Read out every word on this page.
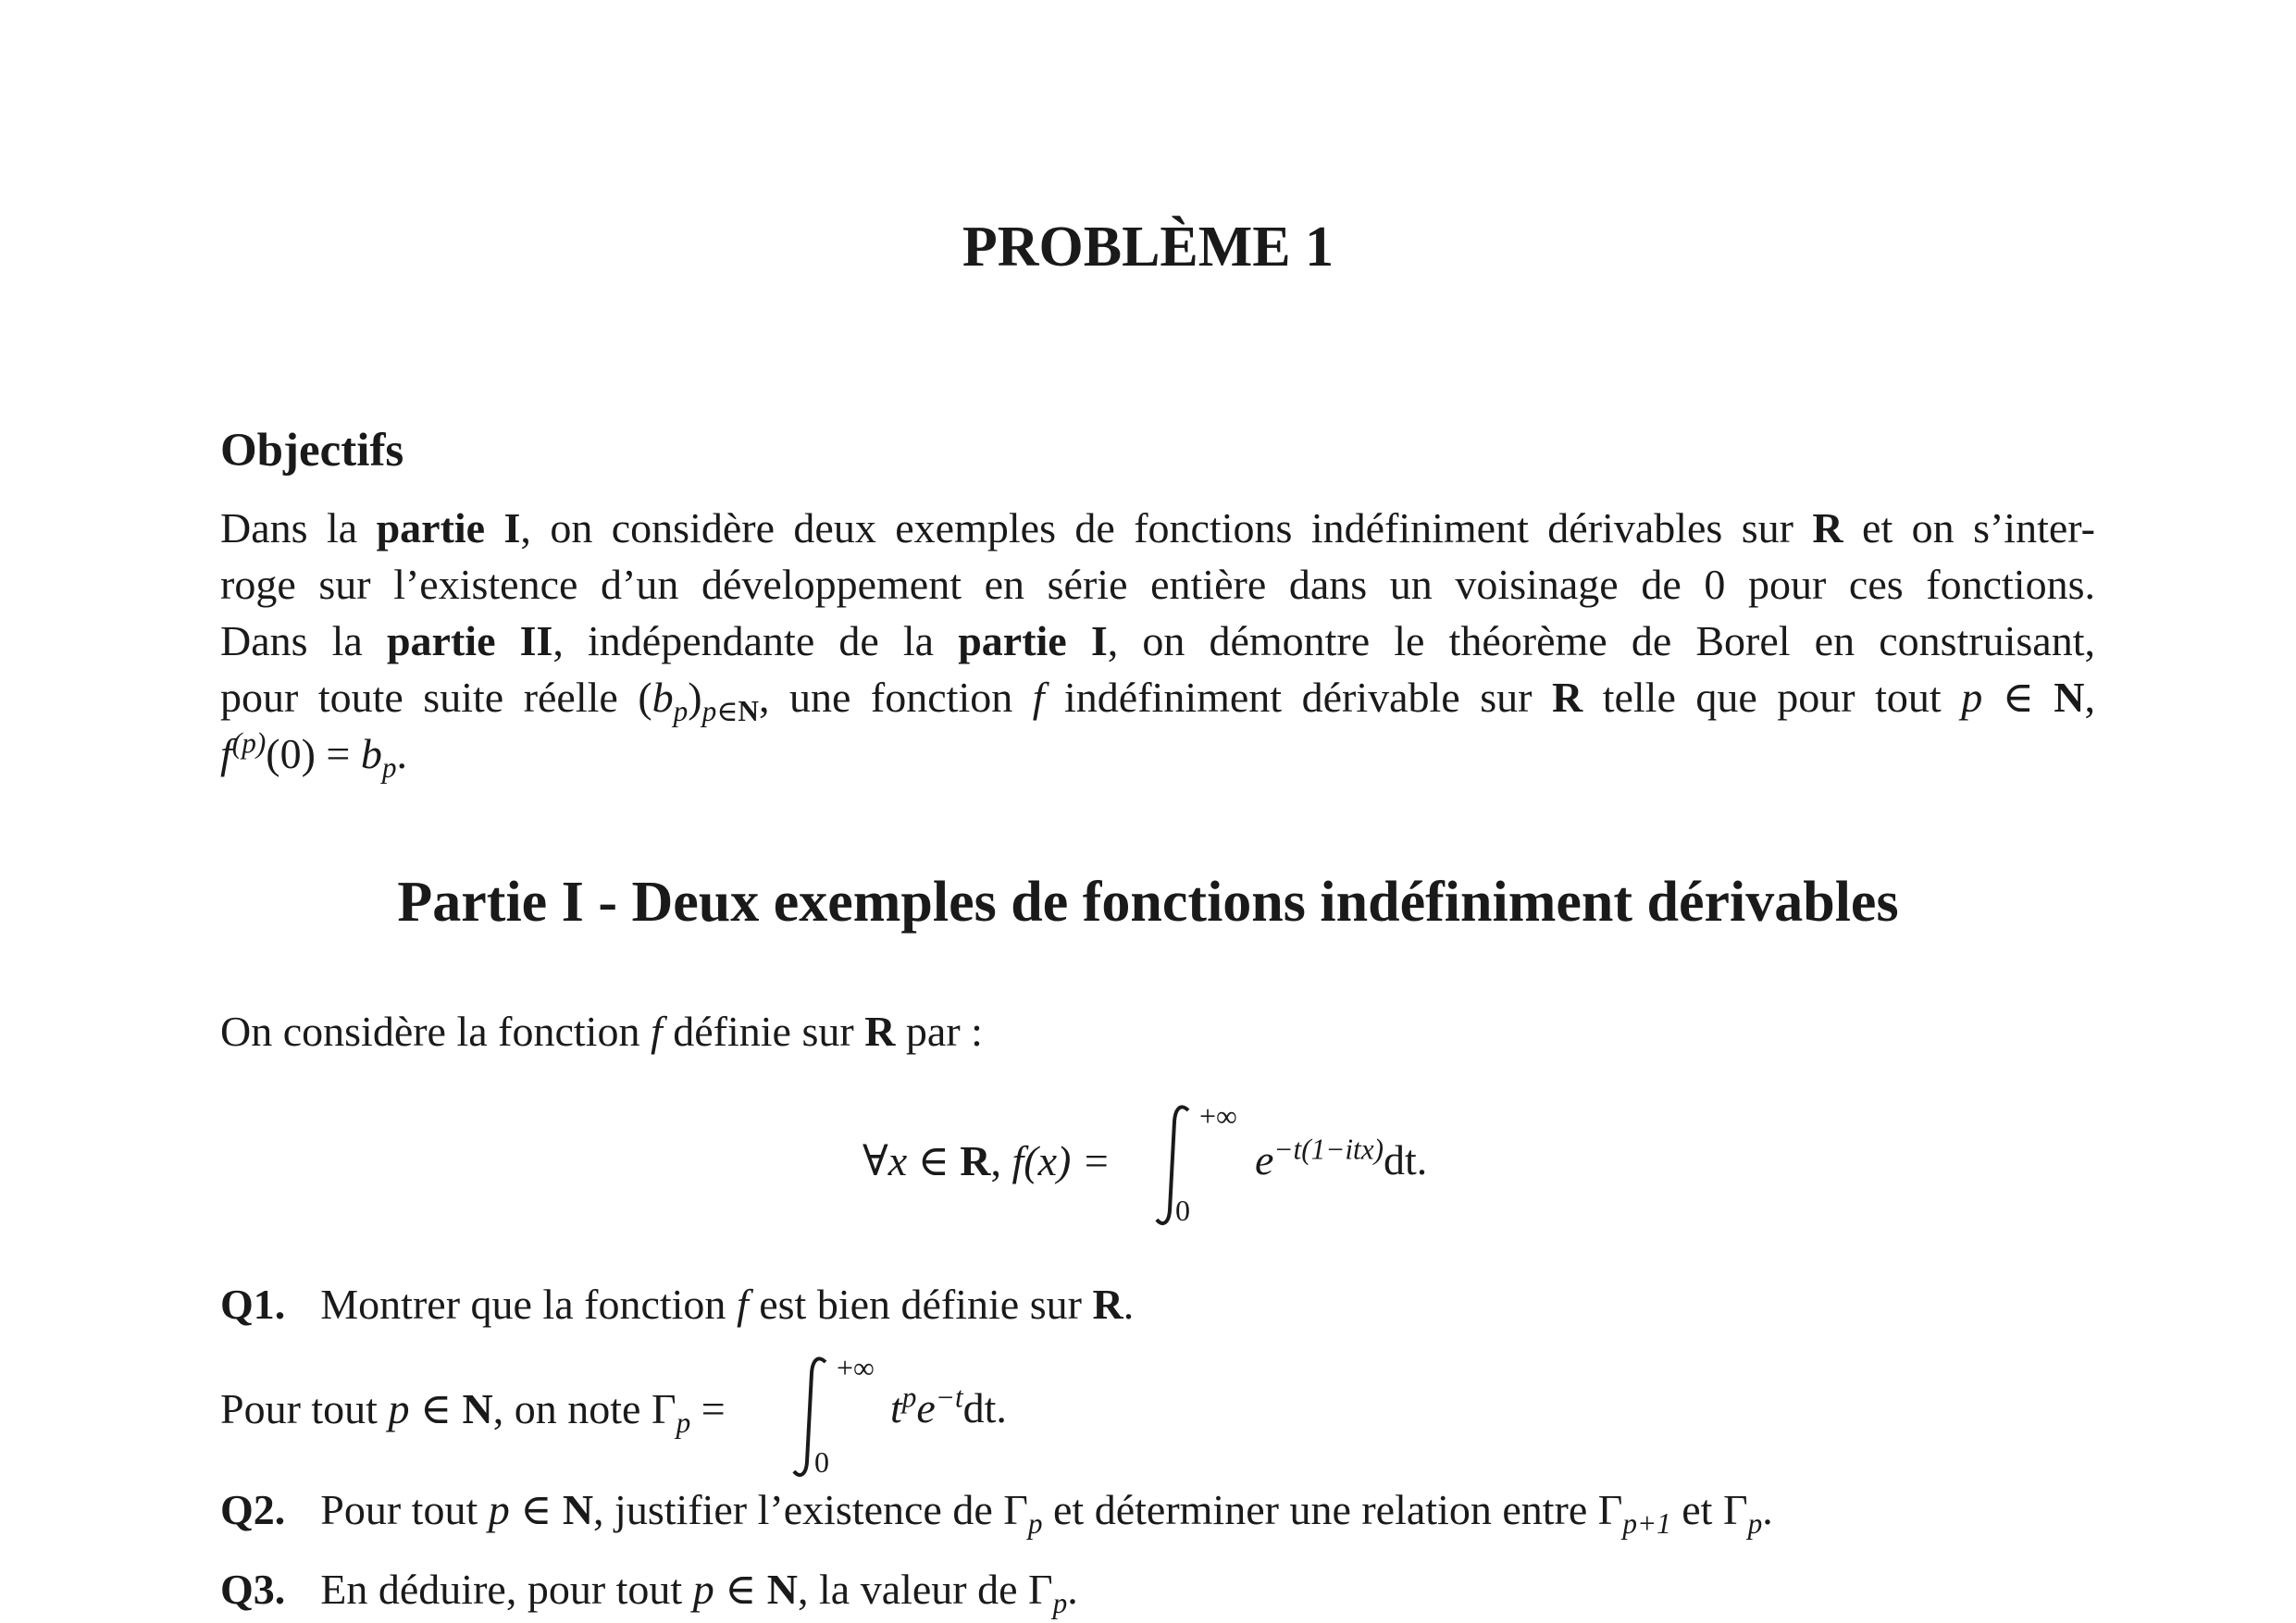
PROBLÈME 1
Objectifs
Dans la partie I, on considère deux exemples de fonctions indéfiniment dérivables sur R et on s’inter-
roge sur l’existence d’un développement en série entière dans un voisinage de 0 pour ces fonctions.
Dans la partie II, indépendante de la partie I, on démontre le théorème de Borel en construisant,
pour toute suite réelle $(b_p)_{p\in N}$, une fonction f indéfiniment dérivable sur R telle que pour tout p ∈ N,
$f^{(p)}(0) = b_p$.
Partie I - Deux exemples de fonctions indéfiniment dérivables
On considère la fonction f définie sur R par :
∀x ∈ R, f(x) =
+∞
0
$e^{-t(1-itx)}dt$.
Q1. Montrer que la fonction f est bien définie sur R.
Pour tout p ∈ N, on note $\Gamma_p$ =
+∞
0
$t^pe^{-t}dt$.
Q2. Pour tout p ∈ N, justifier l’existence de $\Gamma_p$ et déterminer une relation entre $\Gamma_{p+1}$ et $\Gamma_p$.
Q3. En déduire, pour tout p ∈ N, la valeur de $\Gamma_p$.
